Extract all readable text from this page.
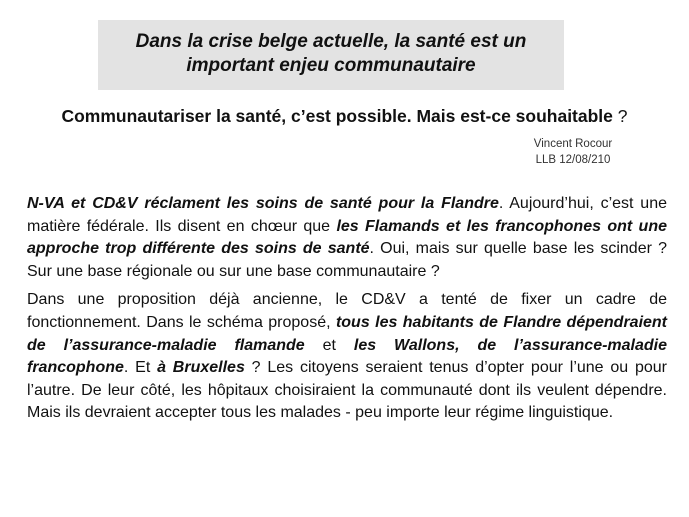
Dans la crise belge actuelle, la santé est un
important enjeu communautaire
Communautariser la santé, c’est possible. Mais est-ce souhaitable ?
Vincent Rocour
LLB 12/08/210

N-VA et CD&V réclament les soins de santé pour la Flandre. Aujourd’hui, c’est une matière fédérale. Ils disent en chœur que les Flamands et les francophones ont une approche trop différente des soins de santé. Oui, mais sur quelle base les scinder ? Sur une base régionale ou sur une base communautaire ?

Dans une proposition déjà ancienne, le CD&V a tenté de fixer un cadre de fonctionnement. Dans le schéma proposé, tous les habitants de Flandre dépendraient de l’assurance-maladie flamande et les Wallons, de l’assurance-maladie francophone. Et à Bruxelles ? Les citoyens seraient tenus d’opter pour l’une ou pour l’autre. De leur côté, les hôpitaux choisiraient la communauté dont ils veulent dépendre. Mais ils devraient accepter tous les malades - peu importe leur régime linguistique.
